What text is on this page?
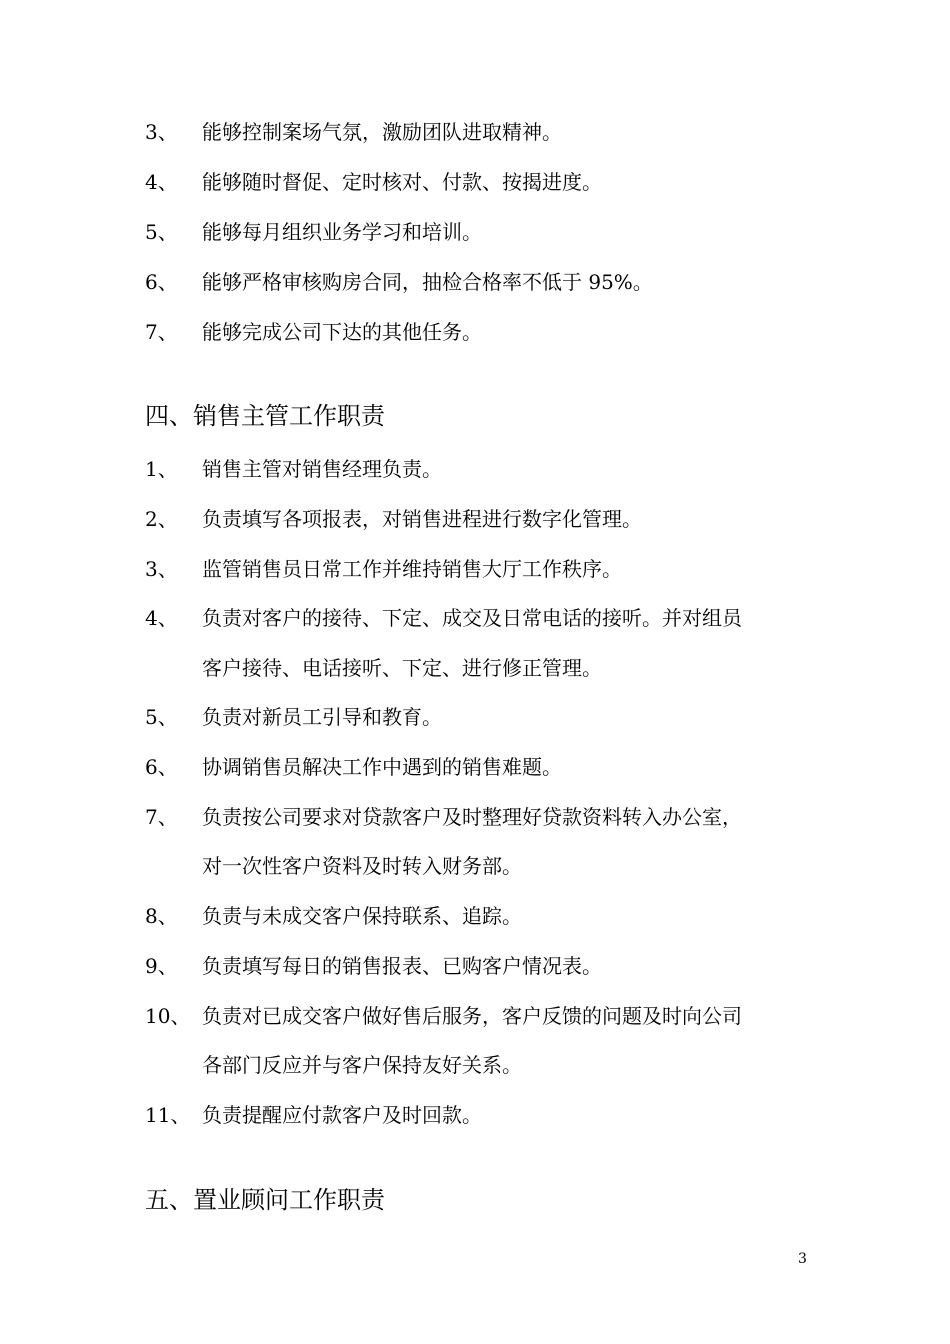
3、 能够控制案场气氛，激励团队进取精神。
4、 能够随时督促、定时核对、付款、按揭进度。
5、 能够每月组织业务学习和培训。
6、 能够严格审核购房合同，抽检合格率不低于 95%。
7、 能够完成公司下达的其他任务。
四、销售主管工作职责
1、 销售主管对销售经理负责。
2、 负责填写各项报表，对销售进程进行数字化管理。
3、 监管销售员日常工作并维持销售大厅工作秩序。
4、 负责对客户的接待、下定、成交及日常电话的接听。并对组员
客户接待、电话接听、下定、进行修正管理。
5、 负责对新员工引导和教育。
6、 协调销售员解决工作中遇到的销售难题。
7、 负责按公司要求对贷款客户及时整理好贷款资料转入办公室，
对一次性客户资料及时转入财务部。
8、 负责与未成交客户保持联系、追踪。
9、 负责填写每日的销售报表、已购客户情况表。
10、 负责对已成交客户做好售后服务，客户反馈的问题及时向公司
各部门反应并与客户保持友好关系。
11、 负责提醒应付款客户及时回款。
五、置业顾问工作职责
3
